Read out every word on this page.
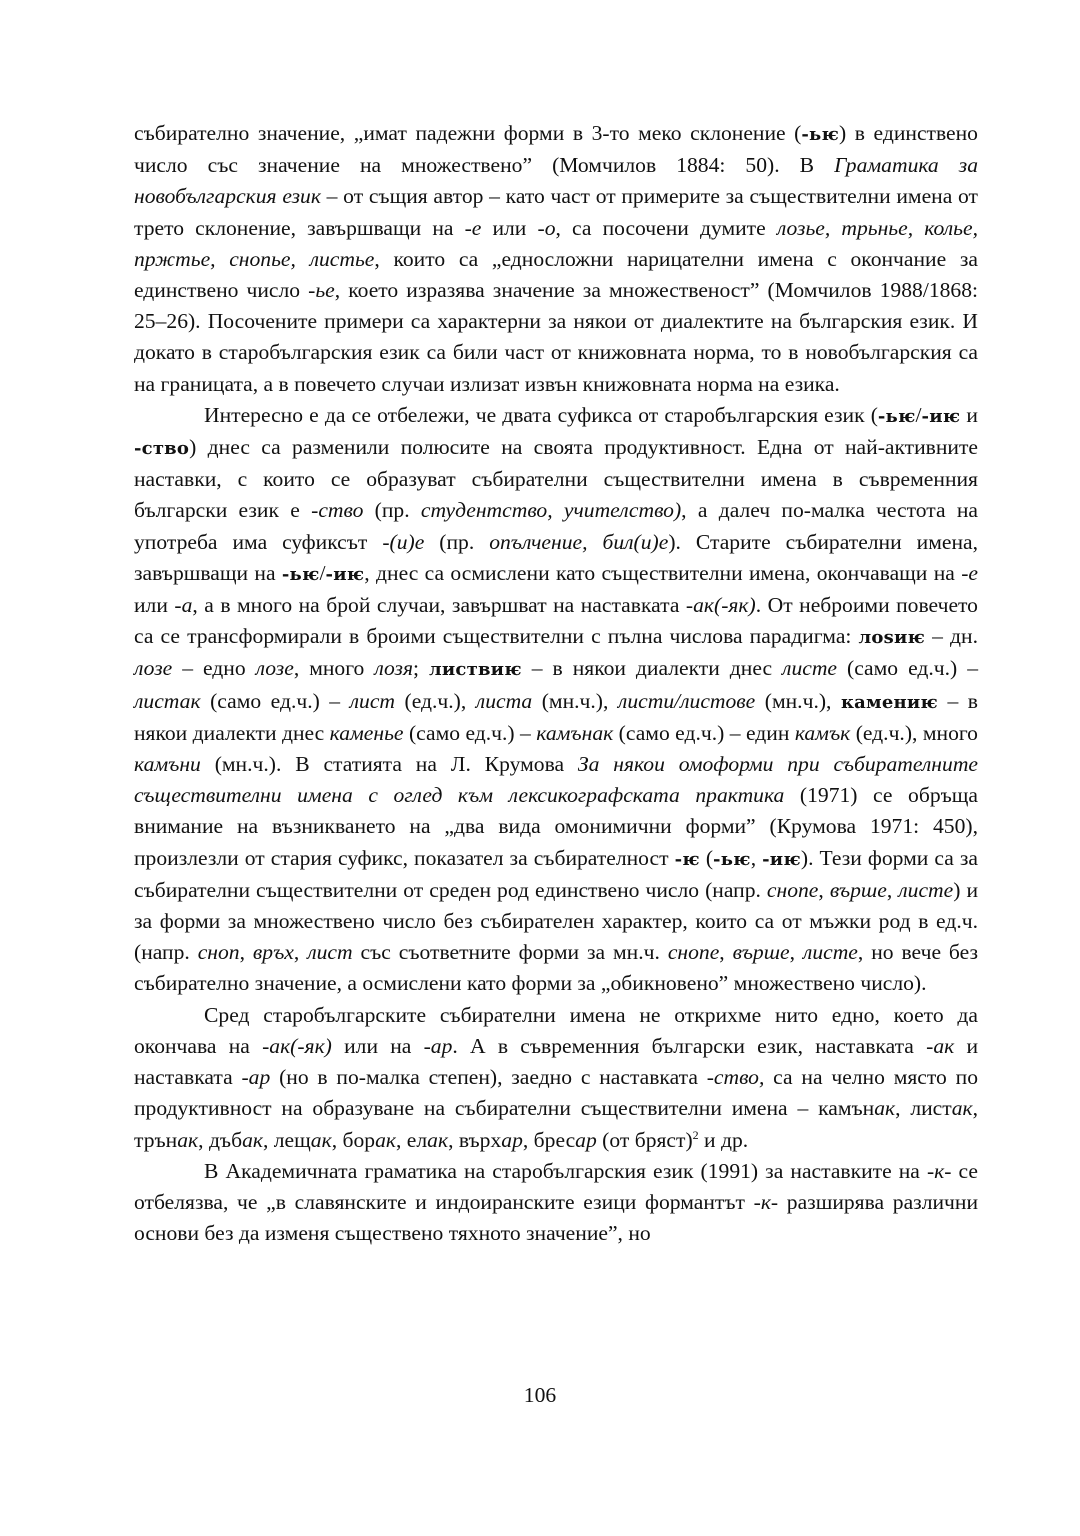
събирателно значение, „имат падежни форми в 3-то меко склонение (-ьѥ) в единствено число със значение на множествено” (Момчилов 1884: 50). В Граматика за новобългарския език – от същия автор – като част от примерите за съществителни имена от трето склонение, завършващи на -е или -о, са посочени думите лозье, трьнье, колье, пржтье, снопье, листье, които са „едносложни нарицателни имена с окончание за единствено число -ье, което изразява значение за множественост” (Момчилов 1988/1868: 25–26). Посочените примери са характерни за някои от диалектите на българския език. И докато в старобългарския език са били част от книжовната норма, то в новобългарския са на границата, а в повечето случаи излизат извън книжовната норма на езика.

Интересно е да се отбележи, че двата суфикса от старобългарския език (-ьѥ/-иѥ и -ство) днес са разменили полюсите на своята продуктивност. Една от най-активните наставки, с които се образуват събирателни съществителни имена в съвременния български език е -ство (пр. студентство, учителство), а далеч по-малка честота на употреба има суфиксът -(и)е (пр. опълчение, бил(и)е). Старите събирателни имена, завършващи на -ьѥ/-иѥ, днес са осмислени като съществителни имена, окончаващи на -е или -а, а в много на брой случаи, завършват на наставката -ак(-як). От неброими повечето са се трансформирали в броими съществителни с пълна числова парадигма: лоѕиѥ – дн. лозе – едно лозе, много лозя; листвиѥ – в някои диалекти днес листе (само ед.ч.) – листак (само ед.ч.) – лист (ед.ч.), листа (мн.ч.), листи/листове (мн.ч.), камениѥ – в някои диалекти днес каменье (само ед.ч.) – камънак (само ед.ч.) – един камък (ед.ч.), много камъни (мн.ч.). В статията на Л. Крумова За някои омоформи при събирателните съществителни имена с оглед към лексикографската практика (1971) се обръща внимание на възникването на „два вида омонимични форми” (Крумова 1971: 450), произлезли от стария суфикс, показател за събирателност -ѥ (-ьѥ, -иѥ). Тези форми са за събирателни съществителни от среден род единствено число (напр. снопе, върше, листе) и за форми за множествено число без събирателен характер, които са от мъжки род в ед.ч. (напр. сноп, връх, лист със съответните форми за мн.ч. снопе, върше, листе, но вече без събирателно значение, а осмислени като форми за „обикновено” множествено число).

Сред старобългарските събирателни имена не открихме нито едно, което да окончава на -ак(-як) или на -ар. А в съвременния български език, наставката -ак и наставката -ар (но в по-малка степен), заедно с наставката -ство, са на челно място по продуктивност на образуване на събирателни съществителни имена – камънак, листак, трънак, дъбак, лещак, борак, елак, върхар, бресар (от бряст)$^2$ и др.

В Академичната граматика на старобългарския език (1991) за наставките на -к- се отбелязва, че „в славянските и индоиранските езици формантът -к- разширява различни основи без да изменя съществено тяхното значение”, но

106
